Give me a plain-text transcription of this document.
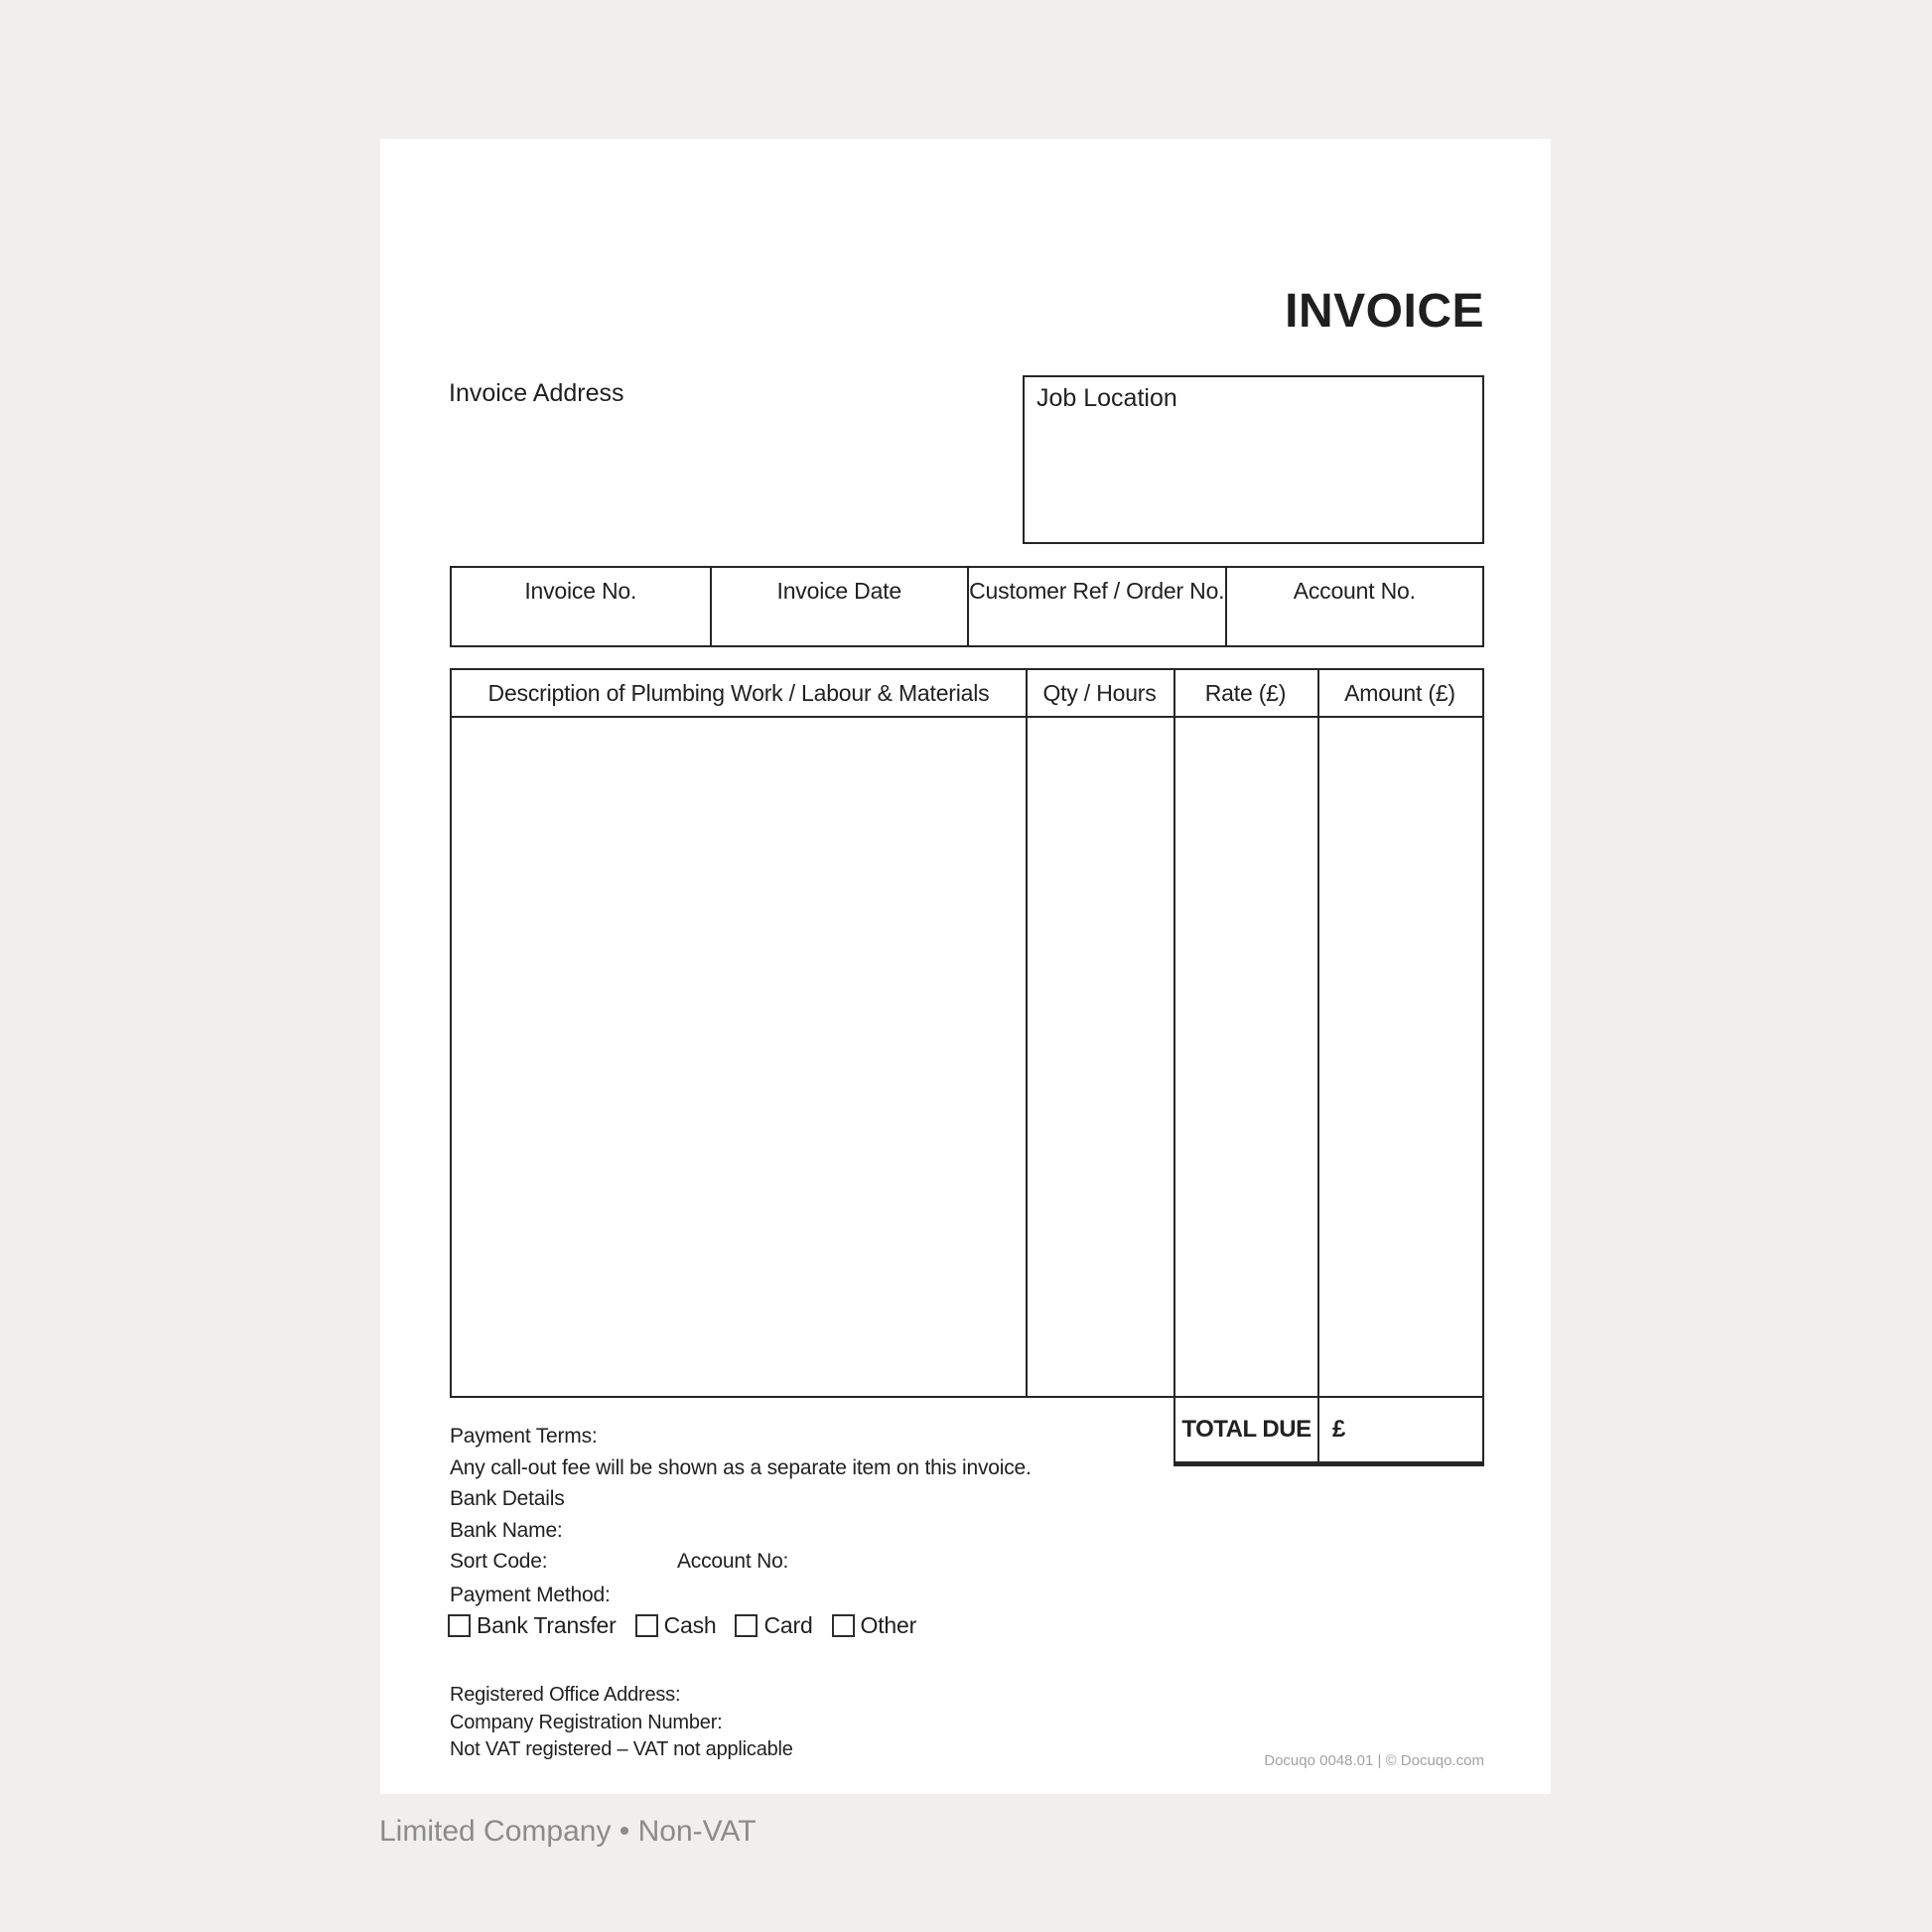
INVOICE
Invoice Address	Job Location
Invoice No.	Invoice Date	Customer Ref / Order No.	Account No.
Description of Plumbing Work / Labour & Materials	Qty / Hours	Rate (£)	Amount (£)
TOTAL DUE £
Payment Terms:
Any call-out fee will be shown as a separate item on this invoice.
Bank Details
Bank Name:
Sort Code:	Account No:
Payment Method:
Bank Transfer Cash Card Other
Registered Office Address:
Company Registration Number:
Not VAT registered – VAT not applicable
Docuqo 0048.01 | © Docuqo.com
Limited Company • Non-VAT
